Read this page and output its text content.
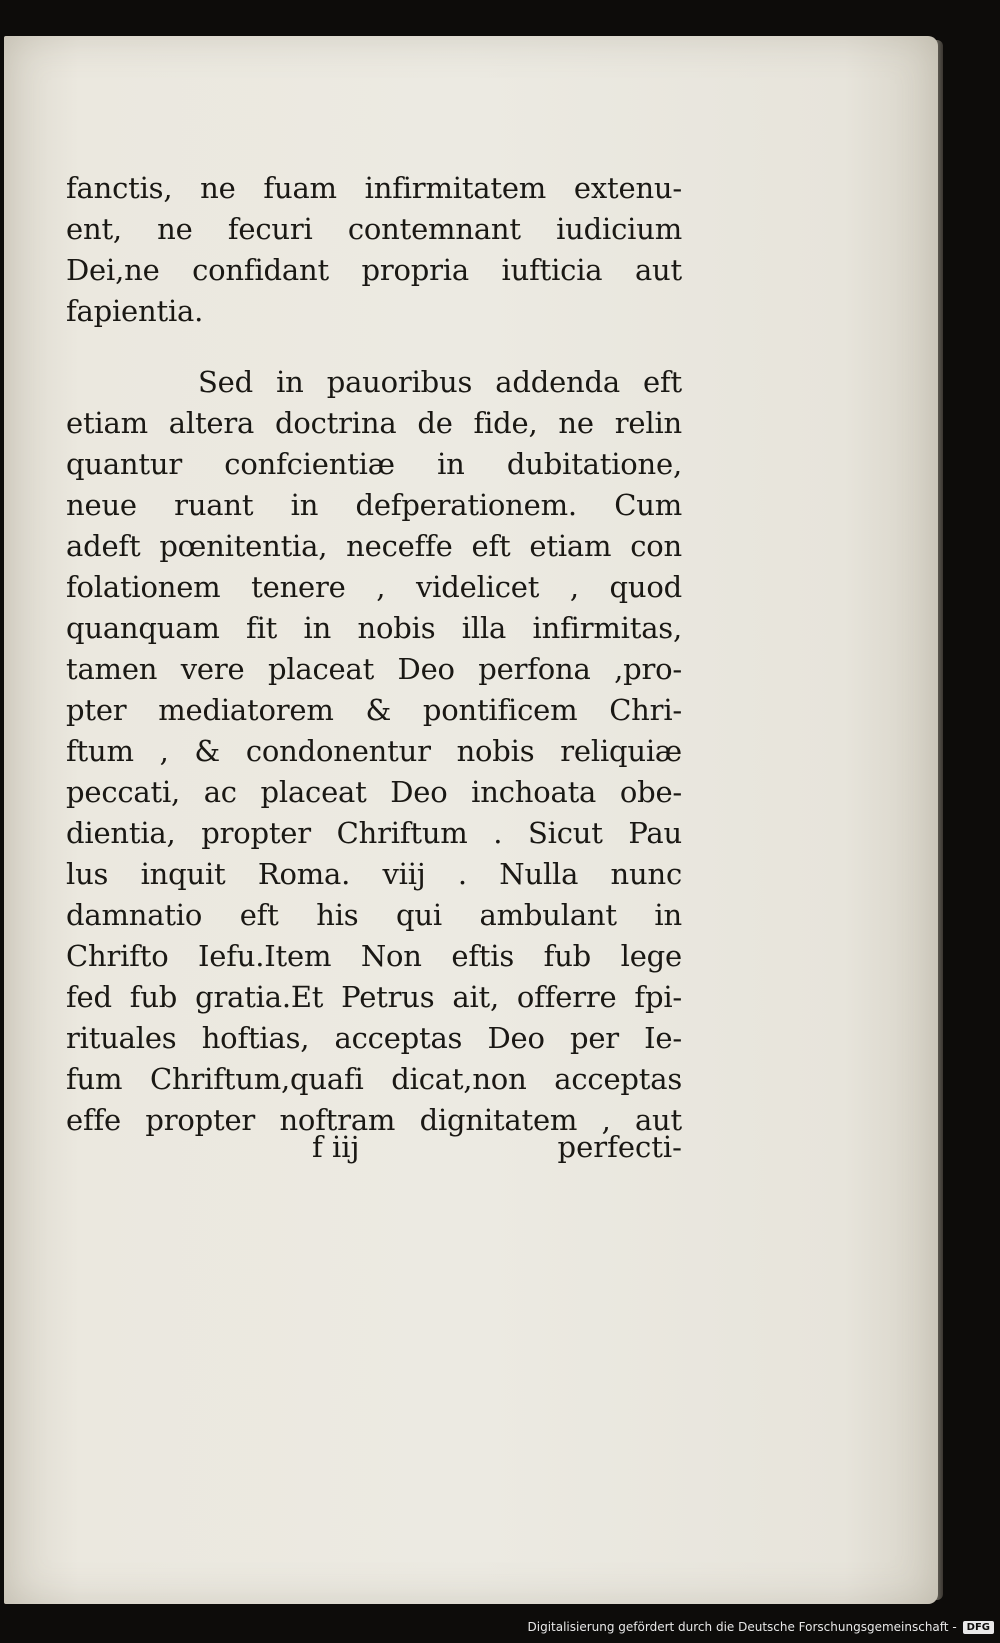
fanctis, ne fuam infirmitatem extenu-
ent, ne fecuri contemnant iudicium
Dei,ne confidant propria iufticia aut
fapientia.
Sed in pauoribus addenda eft
etiam altera doctrina de fide, ne relin
quantur confcientiæ in dubitatione,
neue ruant in defperationem. Cum
adeft pœnitentia, neceffe eft etiam con
folationem tenere , videlicet , quod
quanquam fit in nobis illa infirmitas,
tamen vere placeat Deo perfona ,pro-
pter mediatorem & pontificem Chri-
ftum , & condonentur nobis reliquiæ
peccati, ac placeat Deo inchoata obe-
dientia, propter Chriftum . Sicut Pau
lus inquit Roma. viij . Nulla nunc
damnatio eft his qui ambulant in
Chrifto Iefu.Item Non eftis fub lege
fed fub gratia.Et Petrus ait, offerre fpi-
rituales hoftias, acceptas Deo per Ie-
fum Chriftum,quafi dicat,non acceptas
effe propter noftram dignitatem , aut
f iij	perfecti-
Digitalisierung gefördert durch die Deutsche Forschungsgemeinschaft -	DFG
